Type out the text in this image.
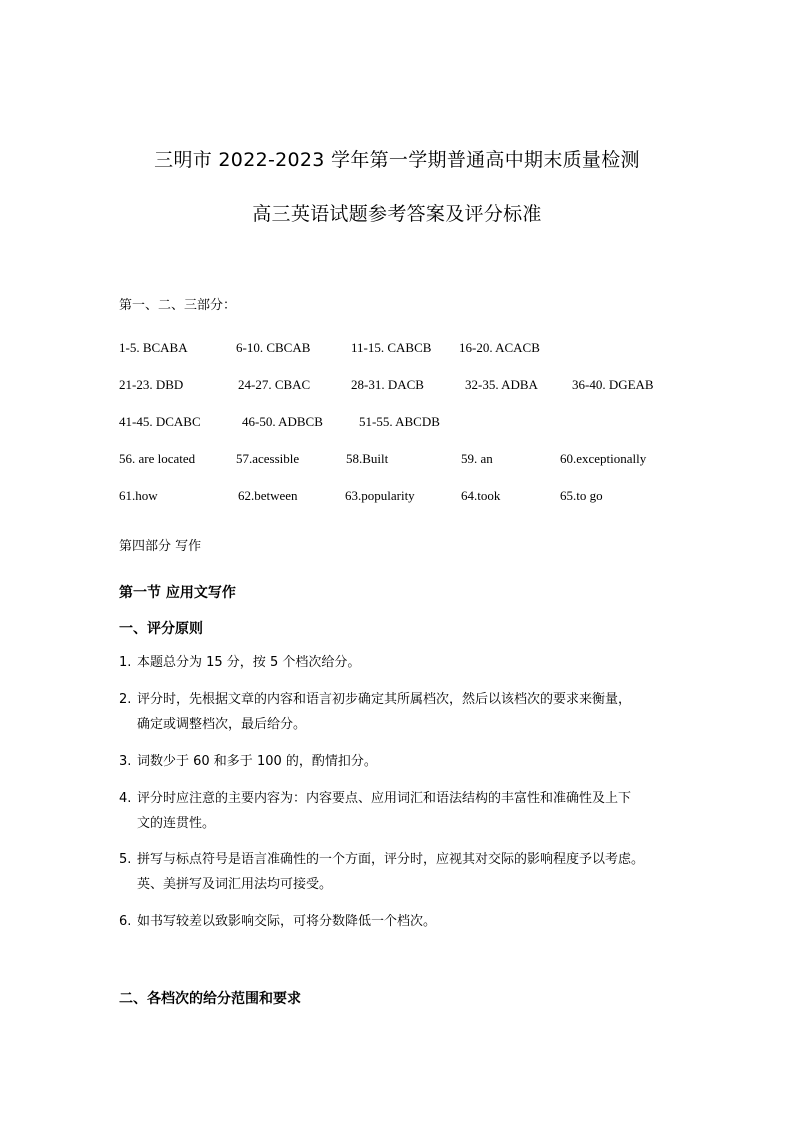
三明市 2022-2023 学年第一学期普通高中期末质量检测
高三英语试题参考答案及评分标准
第一、二、三部分：
1-5. BCABA	6-10. CBCAB	11-15. CABCB 16-20. ACACB
21-23. DBD	24-27. CBAC	28-31. DACB	32-35. ADBA	36-40. DGEAB
41-45. DCABC	46-50. ADBCB	51-55. ABCDB
56. are located	57.acessible	58.Built	59. an	60.exceptionally
61.how	62.between	63.popularity	64.took	65.to go
第四部分 写作
第一节 应用文写作
一、评分原则
1. 本题总分为 15 分，按 5 个档次给分。
2. 评分时，先根据文章的内容和语言初步确定其所属档次，然后以该档次的要求来衡量，
确定或调整档次，最后给分。
3. 词数少于 60 和多于 100 的，酌情扣分。
4. 评分时应注意的主要内容为：内容要点、应用词汇和语法结构的丰富性和准确性及上下
文的连贯性。
5. 拼写与标点符号是语言准确性的一个方面，评分时，应视其对交际的影响程度予以考虑。
英、美拼写及词汇用法均可接受。
6. 如书写较差以致影响交际，可将分数降低一个档次。
二、各档次的给分范围和要求
